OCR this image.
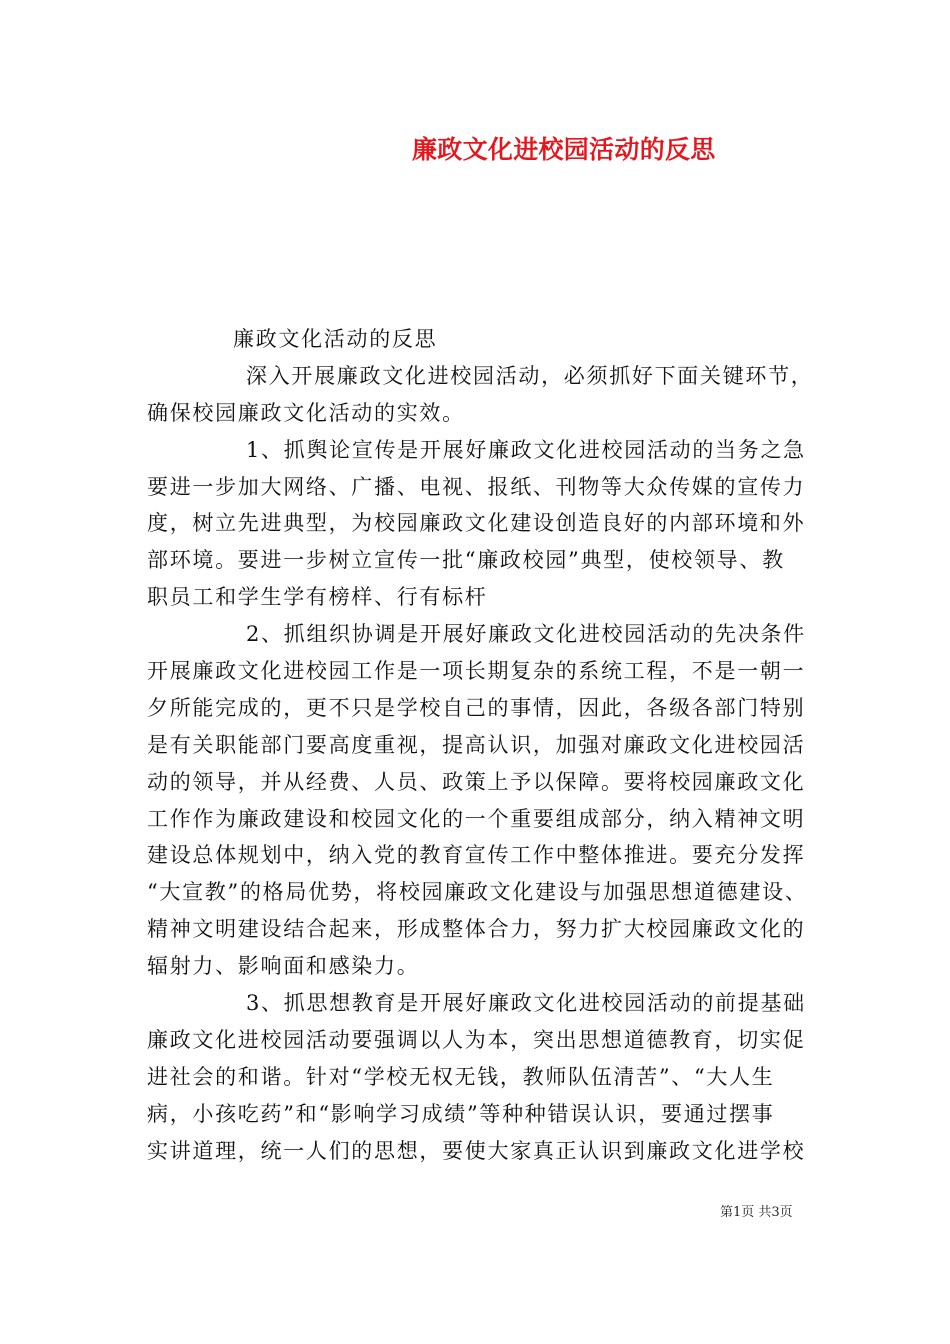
廉政文化进校园活动的反思
廉政文化活动的反思
深入开展廉政文化进校园活动，必须抓好下面关键环节，
确保校园廉政文化活动的实效。
1、抓舆论宣传是开展好廉政文化进校园活动的当务之急
要进一步加大网络、广播、电视、报纸、刊物等大众传媒的宣传力
度，树立先进典型，为校园廉政文化建设创造良好的内部环境和外
部环境。要进一步树立宣传一批“廉政校园”典型，使校领导、教
职员工和学生学有榜样、行有标杆
2、抓组织协调是开展好廉政文化进校园活动的先决条件
开展廉政文化进校园工作是一项长期复杂的系统工程，不是一朝一
夕所能完成的，更不只是学校自己的事情，因此，各级各部门特别
是有关职能部门要高度重视，提高认识，加强对廉政文化进校园活
动的领导，并从经费、人员、政策上予以保障。要将校园廉政文化
工作作为廉政建设和校园文化的一个重要组成部分，纳入精神文明
建设总体规划中，纳入党的教育宣传工作中整体推进。要充分发挥
“大宣教”的格局优势，将校园廉政文化建设与加强思想道德建设、
精神文明建设结合起来，形成整体合力，努力扩大校园廉政文化的
辐射力、影响面和感染力。
3、抓思想教育是开展好廉政文化进校园活动的前提基础
廉政文化进校园活动要强调以人为本，突出思想道德教育，切实促
进社会的和谐。针对“学校无权无钱，教师队伍清苦”、“大人生
病，小孩吃药”和“影响学习成绩”等种种错误认识，要通过摆事
实讲道理，统一人们的思想，要使大家真正认识到廉政文化进学校
第1页 共3页
